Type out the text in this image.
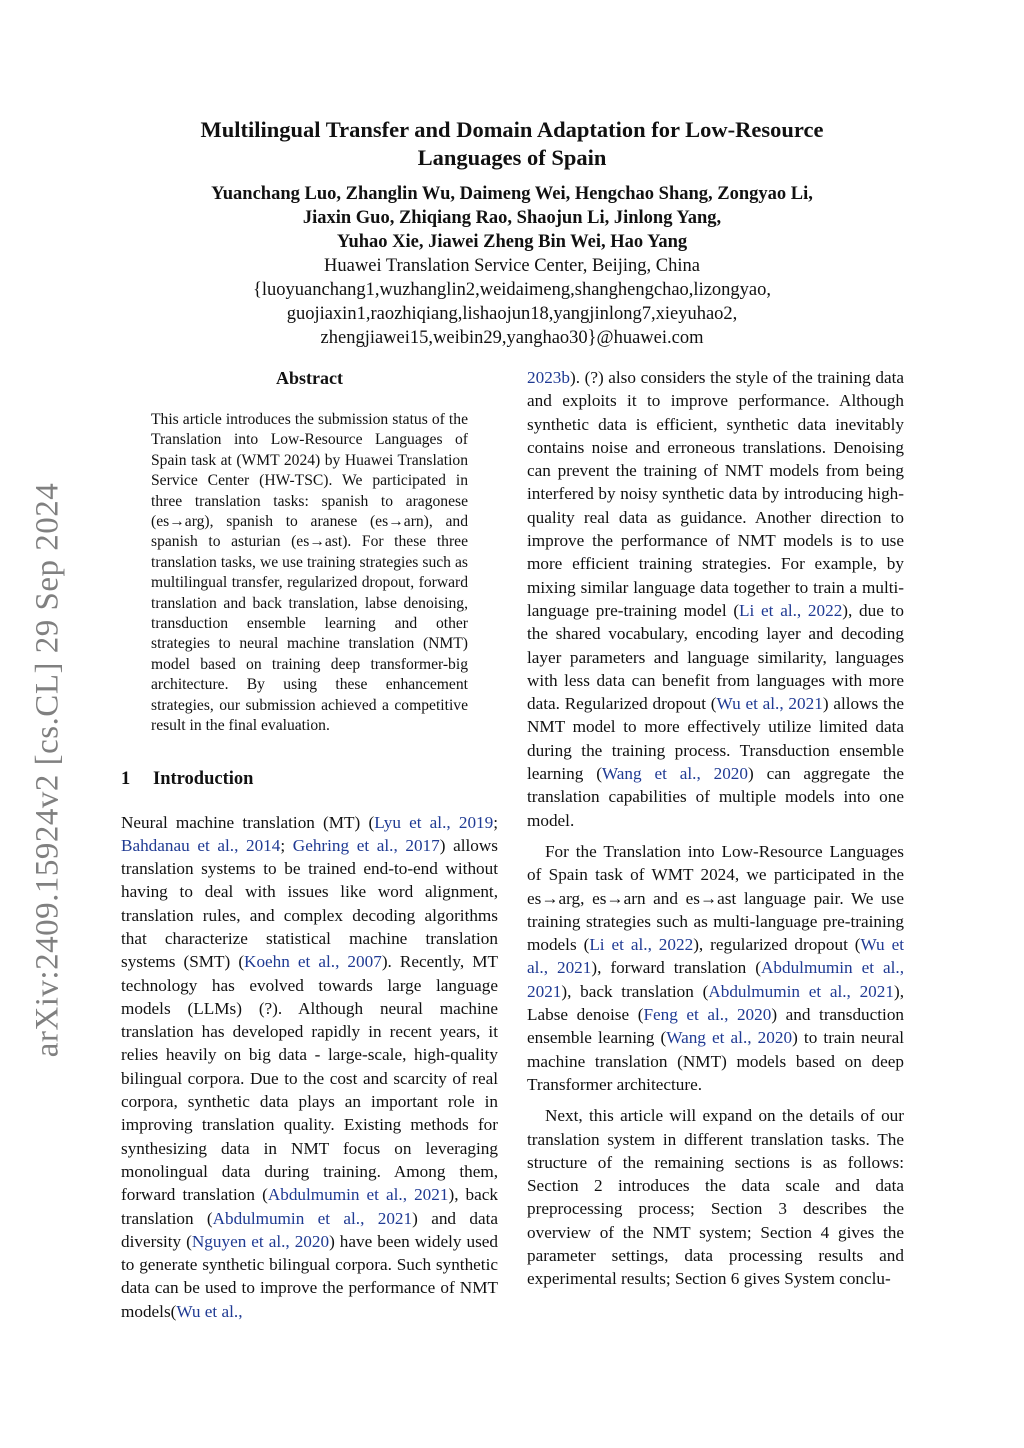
arXiv:2409.15924v2 [cs.CL] 29 Sep 2024
Multilingual Transfer and Domain Adaptation for Low-Resource
Languages of Spain
Yuanchang Luo, Zhanglin Wu, Daimeng Wei, Hengchao Shang, Zongyao Li,
Jiaxin Guo, Zhiqiang Rao, Shaojun Li, Jinlong Yang,
Yuhao Xie, Jiawei Zheng Bin Wei, Hao Yang
Huawei Translation Service Center, Beijing, China
{luoyuanchang1,wuzhanglin2,weidaimeng,shanghengchao,lizongyao,
guojiaxin1,raozhiqiang,lishaojun18,yangjinlong7,xieyuhao2,
zhengjiawei15,weibin29,yanghao30}@huawei.com
Abstract

This article introduces the submission status of the Translation into Low-Resource Languages of Spain task at (WMT 2024) by Huawei Translation Service Center (HW-TSC). We participated in three translation tasks: spanish to aragonese (es→arg), spanish to aranese (es→arn), and spanish to asturian (es→ast). For these three translation tasks, we use training strategies such as multilingual transfer, regularized dropout, forward translation and back translation, labse denoising, transduction ensemble learning and other strategies to neural machine translation (NMT) model based on training deep transformer-big architecture. By using these enhancement strategies, our submission achieved a competitive result in the final evaluation.

1 Introduction

Neural machine translation (MT) (Lyu et al., 2019; Bahdanau et al., 2014; Gehring et al., 2017) allows translation systems to be trained end-to-end without having to deal with issues like word alignment, translation rules, and complex decoding algorithms that characterize statistical machine translation systems (SMT) (Koehn et al., 2007). Recently, MT technology has evolved towards large language models (LLMs) (?). Although neural machine translation has developed rapidly in recent years, it relies heavily on big data - large-scale, high-quality bilingual corpora. Due to the cost and scarcity of real corpora, synthetic data plays an important role in improving translation quality. Existing methods for synthesizing data in NMT focus on leveraging monolingual data during training. Among them, forward translation (Abdulmumin et al., 2021), back translation (Abdulmumin et al., 2021) and data diversity (Nguyen et al., 2020) have been widely used to generate synthetic bilingual corpora. Such synthetic data can be used to improve the performance of NMT models(Wu et al.,

2023b). (?) also considers the style of the training data and exploits it to improve performance. Although synthetic data is efficient, synthetic data inevitably contains noise and erroneous translations. Denoising can prevent the training of NMT models from being interfered by noisy synthetic data by introducing high-quality real data as guidance. Another direction to improve the performance of NMT models is to use more efficient training strategies. For example, by mixing similar language data together to train a multi-language pre-training model (Li et al., 2022), due to the shared vocabulary, encoding layer and decoding layer parameters and language similarity, languages with less data can benefit from languages with more data. Regularized dropout (Wu et al., 2021) allows the NMT model to more effectively utilize limited data during the training process. Transduction ensemble learning (Wang et al., 2020) can aggregate the translation capabilities of multiple models into one model.

For the Translation into Low-Resource Languages of Spain task of WMT 2024, we participated in the es→arg, es→arn and es→ast language pair. We use training strategies such as multi-language pre-training models (Li et al., 2022), regularized dropout (Wu et al., 2021), forward translation (Abdulmumin et al., 2021), back translation (Abdulmumin et al., 2021), Labse denoise (Feng et al., 2020) and transduction ensemble learning (Wang et al., 2020) to train neural machine translation (NMT) models based on deep Transformer architecture.

Next, this article will expand on the details of our translation system in different translation tasks. The structure of the remaining sections is as follows: Section 2 introduces the data scale and data preprocessing process; Section 3 describes the overview of the NMT system; Section 4 gives the parameter settings, data processing results and experimental results; Section 6 gives System conclu-
